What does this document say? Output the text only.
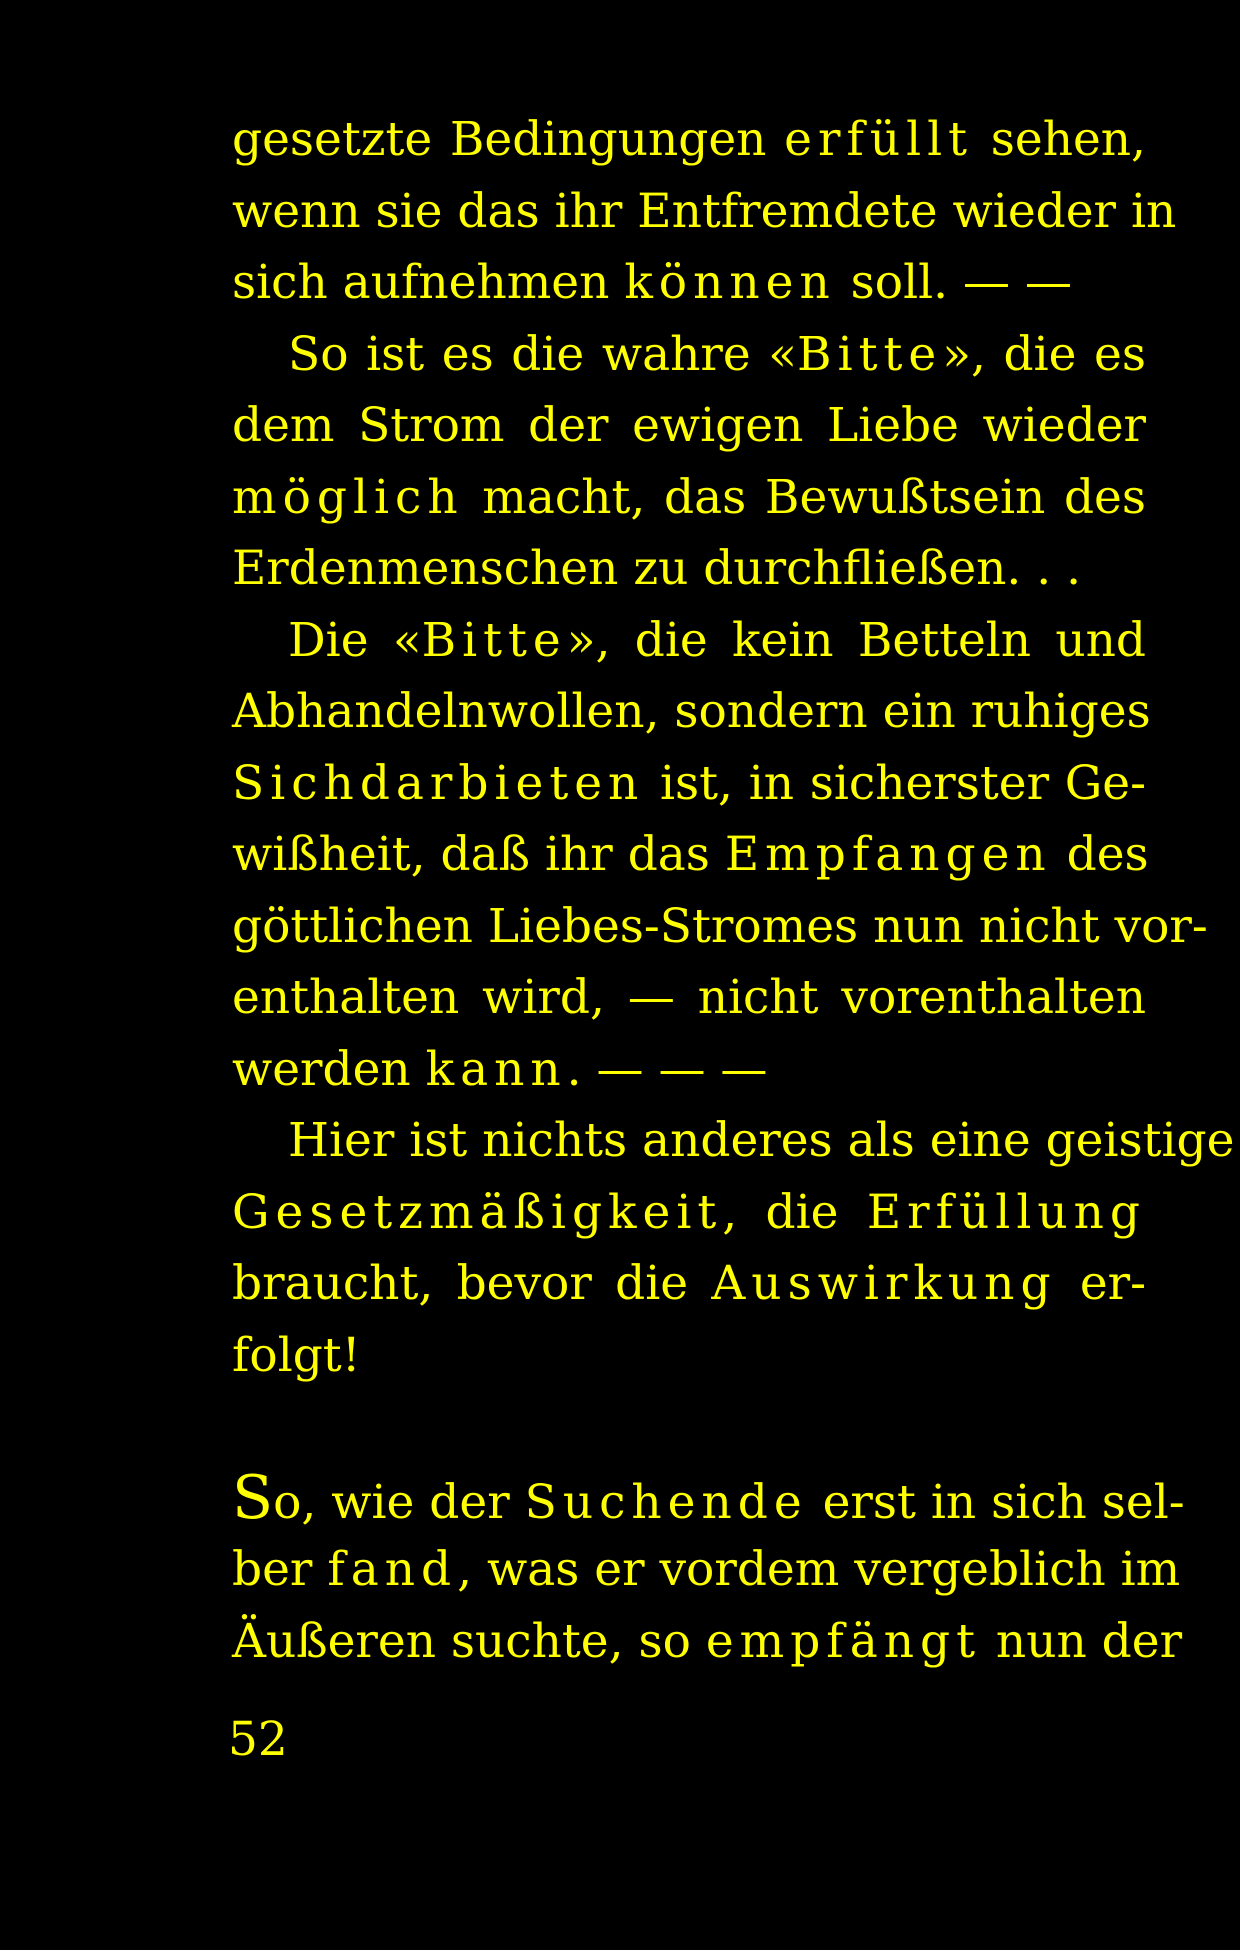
gesetzte Bedingungen erfüllt sehen,
wenn sie das ihr Entfremdete wieder in
sich aufnehmen können soll. — —
So ist es die wahre «Bitte», die es
dem Strom der ewigen Liebe wieder
möglich macht, das Bewußtsein des
Erdenmenschen zu durchfließen. . .
Die «Bitte», die kein Betteln und
Abhandelnwollen, sondern ein ruhiges
Sichdarbieten ist, in sicherster Ge-
wißheit, daß ihr das Empfangen des
göttlichen Liebes-Stromes nun nicht vor-
enthalten wird, — nicht vorenthalten
werden kann. — — —
Hier ist nichts anderes als eine geistige
Gesetzmäßigkeit, die Erfüllung
braucht, bevor die Auswirkung er-
folgt!
So, wie der Suchende erst in sich sel-
ber fand, was er vordem vergeblich im
Äußeren suchte, so empfängt nun der
52
